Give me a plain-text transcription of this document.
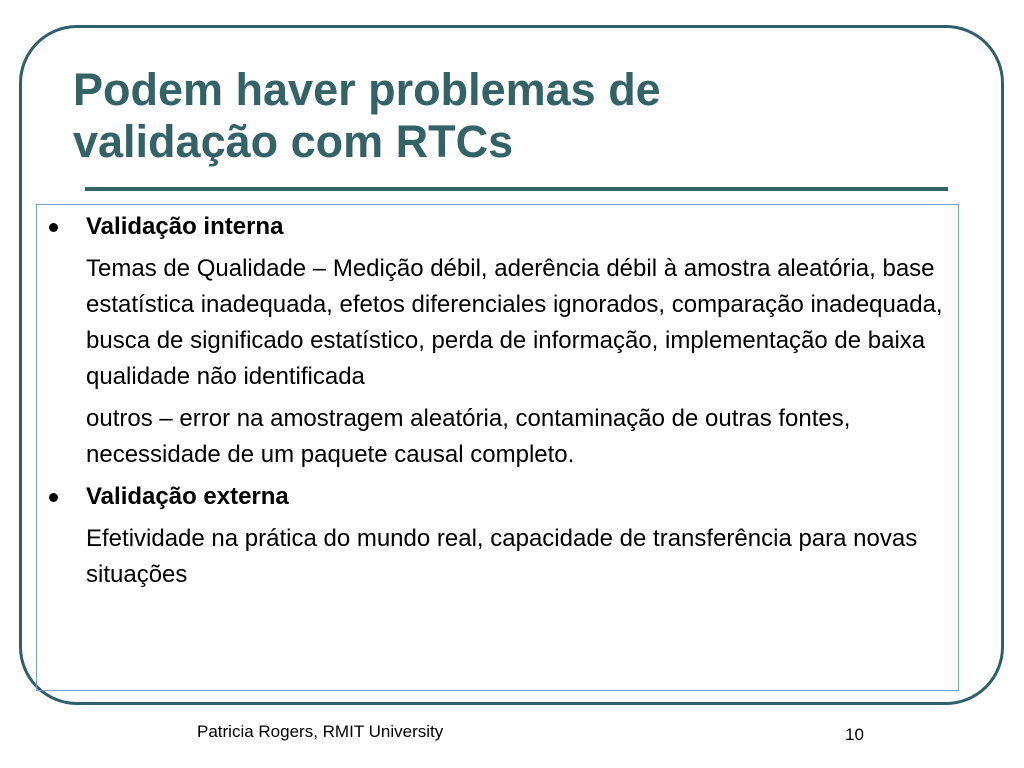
Podem haver problemas de
validação com RTCs
Validação interna
Temas de Qualidade – Medição débil, aderência débil à amostra aleatória, base estatística inadequada, efetos diferenciales ignorados, comparação inadequada, busca de significado estatístico, perda de informação, implementação de baixa qualidade não identificada
outros – error na amostragem aleatória, contaminação de outras fontes, necessidade de um paquete causal completo.
Validação externa
Efetividade na prática do mundo real, capacidade de transferência para novas situações
Patricia Rogers, RMIT University	10
